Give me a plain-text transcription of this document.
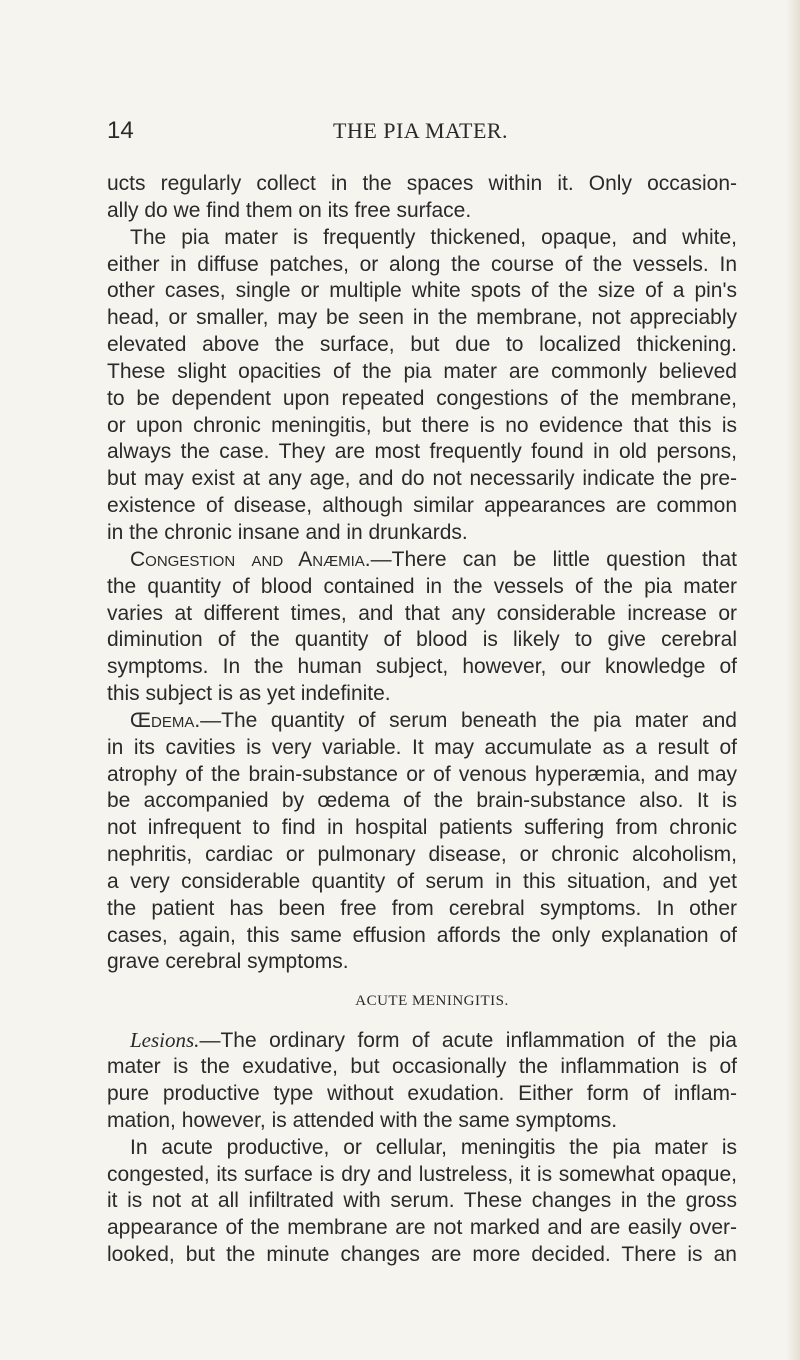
14	THE PIA MATER.
ucts regularly collect in the spaces within it. Only occasion-
ally do we find them on its free surface.
The pia mater is frequently thickened, opaque, and white,
either in diffuse patches, or along the course of the vessels. In
other cases, single or multiple white spots of the size of a pin's
head, or smaller, may be seen in the membrane, not appreciably
elevated above the surface, but due to localized thickening.
These slight opacities of the pia mater are commonly believed
to be dependent upon repeated congestions of the membrane,
or upon chronic meningitis, but there is no evidence that this is
always the case. They are most frequently found in old persons,
but may exist at any age, and do not necessarily indicate the pre-
existence of disease, although similar appearances are common
in the chronic insane and in drunkards.
Congestion and Anæmia.—There can be little question that
the quantity of blood contained in the vessels of the pia mater
varies at different times, and that any considerable increase or
diminution of the quantity of blood is likely to give cerebral
symptoms. In the human subject, however, our knowledge of
this subject is as yet indefinite.
Œdema.—The quantity of serum beneath the pia mater and
in its cavities is very variable. It may accumulate as a result of
atrophy of the brain-substance or of venous hyperæmia, and may
be accompanied by œdema of the brain-substance also. It is
not infrequent to find in hospital patients suffering from chronic
nephritis, cardiac or pulmonary disease, or chronic alcoholism,
a very considerable quantity of serum in this situation, and yet
the patient has been free from cerebral symptoms. In other
cases, again, this same effusion affords the only explanation of
grave cerebral symptoms.
ACUTE MENINGITIS.
Lesions.—The ordinary form of acute inflammation of the pia
mater is the exudative, but occasionally the inflammation is of
pure productive type without exudation. Either form of inflam-
mation, however, is attended with the same symptoms.
In acute productive, or cellular, meningitis the pia mater is
congested, its surface is dry and lustreless, it is somewhat opaque,
it is not at all infiltrated with serum. These changes in the gross
appearance of the membrane are not marked and are easily over-
looked, but the minute changes are more decided. There is an
